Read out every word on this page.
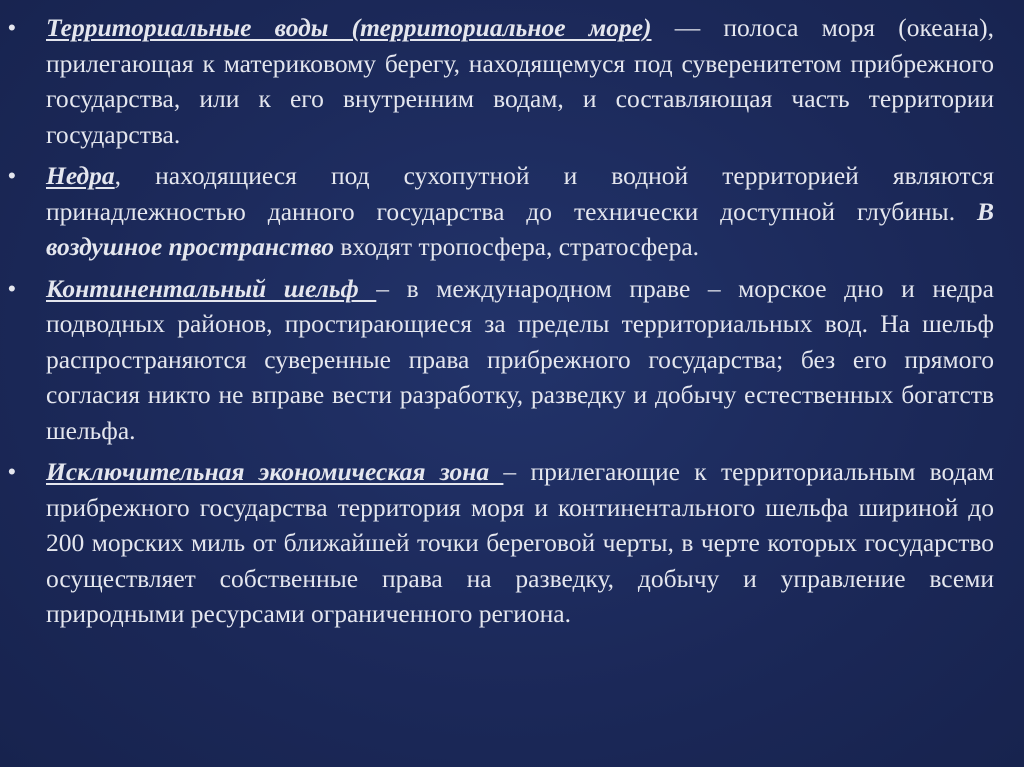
• Территориальные воды (территориальное море) — полоса моря (океана), прилегающая к материковому берегу, находящемуся под суверенитетом прибрежного государства, или к его внутренним водам, и составляющая часть территории государства.
• Недра, находящиеся под сухопутной и водной территорией являются принадлежностью данного государства до технически доступной глубины. В воздушное пространство входят тропосфера, стратосфера.
• Континентальный шельф – в международном праве – морское дно и недра подводных районов, простирающиеся за пределы территориальных вод. На шельф распространяются суверенные права прибрежного государства; без его прямого согласия никто не вправе вести разработку, разведку и добычу естественных богатств шельфа.
• Исключительная экономическая зона – прилегающие к территориальным водам прибрежного государства территория моря и континентального шельфа шириной до 200 морских миль от ближайшей точки береговой черты, в черте которых государство осуществляет собственные права на разведку, добычу и управление всеми природными ресурсами ограниченного региона.
